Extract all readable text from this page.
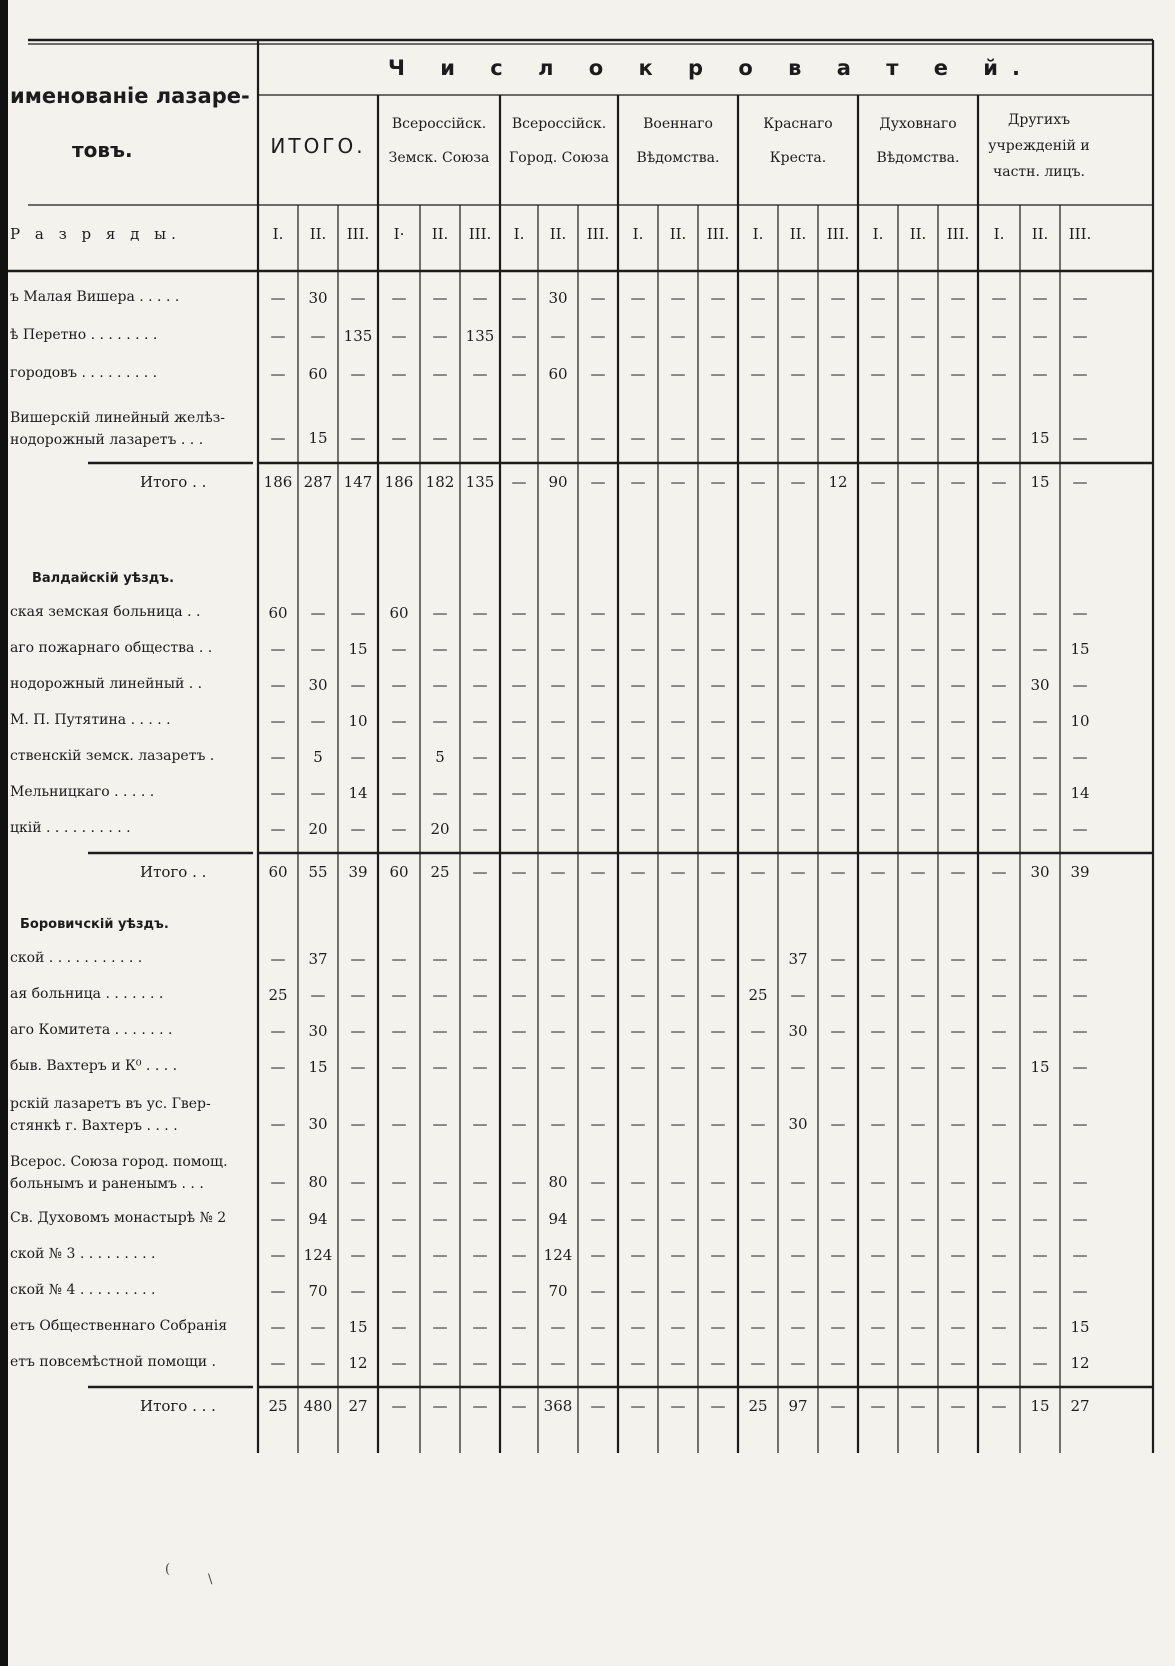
именованіе лазаре-
товъ.
Р а з р я д ы.
Ч и с л о к р о в а т е й.
ИТОГО.
Всероссійск.
Земск. Союза
Всероссійск.
Город. Союза
Военнаго
Вѣдомства.
Краснаго
Креста.
Духовнаго
Вѣдомства.
Другихъ
учрежденій и
частн. лицъ.
I.	II.	III.	I·	II.	III.	I.	II.	III.	I.	II.	III.	I.	II.	III.	I.	II.	III.	I.	II.	III.
ъ Малая Вишера . . . . .	—	30	—	—	—	—	—	30	—	—	—	—	—	—	—	—	—	—	—	—	—
ѣ Перетно . . . . . . . .	—	—	135	—	—	135	—	—	—	—	—	—	—	—	—	—	—	—	—	—	—
городовъ . . . . . . . . .	—	60	—	—	—	—	—	60	—	—	—	—	—	—	—	—	—	—	—	—	—
Вишерскій линейный желѣз-
нодорожный лазаретъ . . .	—	15	—	—	—	—	—	—	—	—	—	—	—	—	—	—	—	—	—	15	—
Итого . .	186 287 147 186 182 135	—	90	—	—	—	—	—	—	12	—	—	—	—	15	—
Валдайскій уѣздъ.
ская земская больница . .	60	—	—	60	—	—	—	—	—	—	—	—	—	—	—	—	—	—	—	—	—
аго пожарнаго общества . .	—	—	15	—	—	—	—	—	—	—	—	—	—	—	—	—	—	—	—	—	15
нодорожный линейный . .	—	30	—	—	—	—	—	—	—	—	—	—	—	—	—	—	—	—	—	30	—
М. П. Путятина . . . . .	—	—	10	—	—	—	—	—	—	—	—	—	—	—	—	—	—	—	—	—	10
ственскій земск. лазаретъ .	—	5	—	—	5	—	—	—	—	—	—	—	—	—	—	—	—	—	—	—	—
Мельницкаго . . . . .	—	—	14	—	—	—	—	—	—	—	—	—	—	—	—	—	—	—	—	—	14
цкій . . . . . . . . . .	—	20	—	—	20	—	—	—	—	—	—	—	—	—	—	—	—	—	—	—	—
Итого . .	60	55	39	60	25	—	—	—	—	—	—	—	—	—	—	—	—	—	—	30	39
Боровичскій уѣздъ.
ской . . . . . . . . . . .	—	37	—	—	—	—	—	—	—	—	—	—	—	37	—	—	—	—	—	—	—
ая больница . . . . . . .	25	—	—	—	—	—	—	—	—	—	—	—	25	—	—	—	—	—	—	—	—
аго Комитета . . . . . . .	—	30	—	—	—	—	—	—	—	—	—	—	—	30	—	—	—	—	—	—	—
быв. Вахтеръ и К⁰ . . . .	—	15	—	—	—	—	—	—	—	—	—	—	—	—	—	—	—	—	—	15	—
рскій лазаретъ въ ус. Гвер-
стянкѣ г. Вахтеръ . . . .	—	30	—	—	—	—	—	—	—	—	—	—	—	30	—	—	—	—	—	—	—
Всерос. Союза город. помощ.
больнымъ и раненымъ . . .	—	80	—	—	—	—	—	80	—	—	—	—	—	—	—	—	—	—	—	—	—
Св. Духовомъ монастырѣ № 2	—	94	—	—	—	—	—	94	—	—	—	—	—	—	—	—	—	—	—	—	—
ской № 3 . . . . . . . . .	—	124	—	—	—	—	—	124	—	—	—	—	—	—	—	—	—	—	—	—	—
ской № 4 . . . . . . . . .	—	70	—	—	—	—	—	70	—	—	—	—	—	—	—	—	—	—	—	—	—
етъ Общественнаго Собранія	—	—	15	—	—	—	—	—	—	—	—	—	—	—	—	—	—	—	—	—	15
етъ повсемѣстной помощи .	—	—	12	—	—	—	—	—	—	—	—	—	—	—	—	—	—	—	—	—	12
Итого . . .	25	480	27	—	—	—	—	368	—	—	—	—	25	97	—	—	—	—	—	15	27
(
\
